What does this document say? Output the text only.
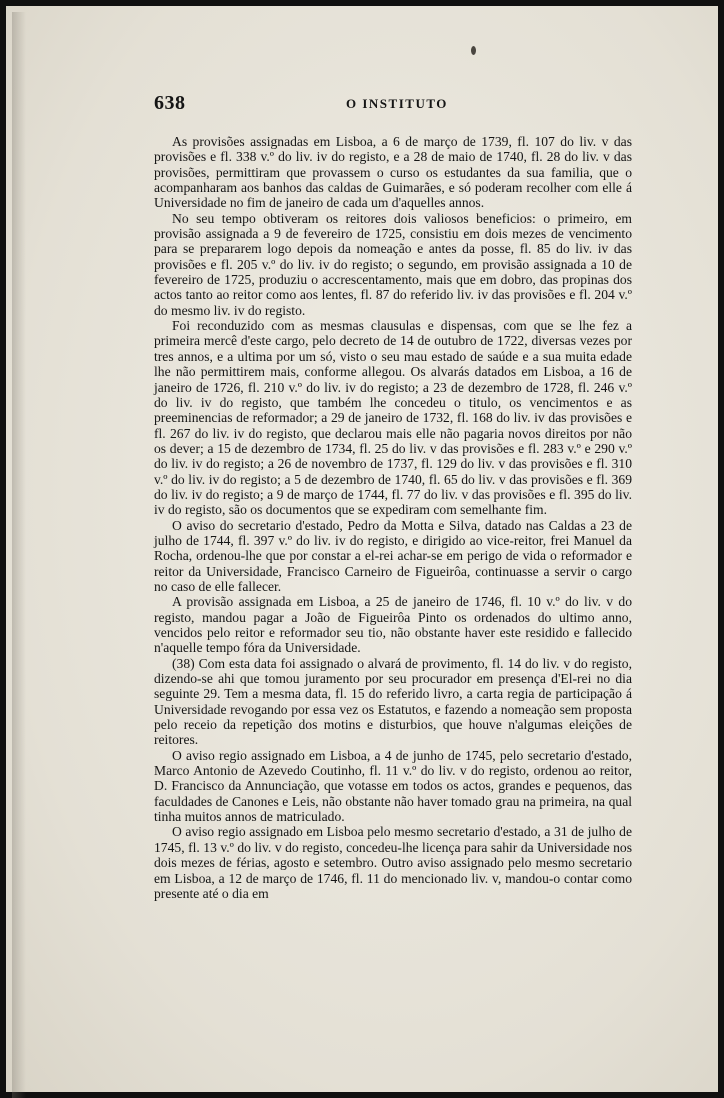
638	O INSTITUTO

As provisões assignadas em Lisboa, a 6 de março de 1739, fl. 107 do liv. v das provisões e fl. 338 v.º do liv. iv do registo, e a 28 de maio de 1740, fl. 28 do liv. v das provisões, permittiram que provassem o curso os estudantes da sua familia, que o acompanharam aos banhos das caldas de Guimarães, e só poderam recolher com elle á Universidade no fim de janeiro de cada um d'aquelles annos.

No seu tempo obtiveram os reitores dois valiosos beneficios: o primeiro, em provisão assignada a 9 de fevereiro de 1725, consistiu em dois mezes de vencimento para se prepararem logo depois da nomeação e antes da posse, fl. 85 do liv. iv das provisões e fl. 205 v.º do liv. iv do registo; o segundo, em provisão assignada a 10 de fevereiro de 1725, produziu o accrescentamento, mais que em dobro, das propinas dos actos tanto ao reitor como aos lentes, fl. 87 do referido liv. iv das provisões e fl. 204 v.º do mesmo liv. iv do registo.

Foi reconduzido com as mesmas clausulas e dispensas, com que se lhe fez a primeira mercê d'este cargo, pelo decreto de 14 de outubro de 1722, diversas vezes por tres annos, e a ultima por um só, visto o seu mau estado de saúde e a sua muita edade lhe não permittirem mais, conforme allegou. Os alvarás datados em Lisboa, a 16 de janeiro de 1726, fl. 210 v.º do liv. iv do registo; a 23 de dezembro de 1728, fl. 246 v.º do liv. iv do registo, que também lhe concedeu o titulo, os vencimentos e as preeminencias de reformador; a 29 de janeiro de 1732, fl. 168 do liv. iv das provisões e fl. 267 do liv. iv do registo, que declarou mais elle não pagaria novos direitos por não os dever; a 15 de dezembro de 1734, fl. 25 do liv. v das provisões e fl. 283 v.º e 290 v.º do liv. iv do registo; a 26 de novembro de 1737, fl. 129 do liv. v das provisões e fl. 310 v.º do liv. iv do registo; a 5 de dezembro de 1740, fl. 65 do liv. v das provisões e fl. 369 do liv. iv do registo; a 9 de março de 1744, fl. 77 do liv. v das provisões e fl. 395 do liv. iv do registo, são os documentos que se expediram com semelhante fim.

O aviso do secretario d'estado, Pedro da Motta e Silva, datado nas Caldas a 23 de julho de 1744, fl. 397 v.º do liv. iv do registo, e dirigido ao vice-reitor, frei Manuel da Rocha, ordenou-lhe que por constar a el-rei achar-se em perigo de vida o reformador e reitor da Universidade, Francisco Carneiro de Figueirôa, continuasse a servir o cargo no caso de elle fallecer.

A provisão assignada em Lisboa, a 25 de janeiro de 1746, fl. 10 v.º do liv. v do registo, mandou pagar a João de Figueirôa Pinto os ordenados do ultimo anno, vencidos pelo reitor e reformador seu tio, não obstante haver este residido e fallecido n'aquelle tempo fóra da Universidade.

(38) Com esta data foi assignado o alvará de provimento, fl. 14 do liv. v do registo, dizendo-se ahi que tomou juramento por seu procurador em presença d'El-rei no dia seguinte 29. Tem a mesma data, fl. 15 do referido livro, a carta regia de participação á Universidade revogando por essa vez os Estatutos, e fazendo a nomeação sem proposta pelo receio da repetição dos motins e disturbios, que houve n'algumas eleições de reitores.

O aviso regio assignado em Lisboa, a 4 de junho de 1745, pelo secretario d'estado, Marco Antonio de Azevedo Coutinho, fl. 11 v.º do liv. v do registo, ordenou ao reitor, D. Francisco da Annunciação, que votasse em todos os actos, grandes e pequenos, das faculdades de Canones e Leis, não obstante não haver tomado grau na primeira, na qual tinha muitos annos de matriculado.

O aviso regio assignado em Lisboa pelo mesmo secretario d'estado, a 31 de julho de 1745, fl. 13 v.º do liv. v do registo, concedeu-lhe licença para sahir da Universidade nos dois mezes de férias, agosto e setembro. Outro aviso assignado pelo mesmo secretario em Lisboa, a 12 de março de 1746, fl. 11 do mencionado liv. v, mandou-o contar como presente até o dia em
